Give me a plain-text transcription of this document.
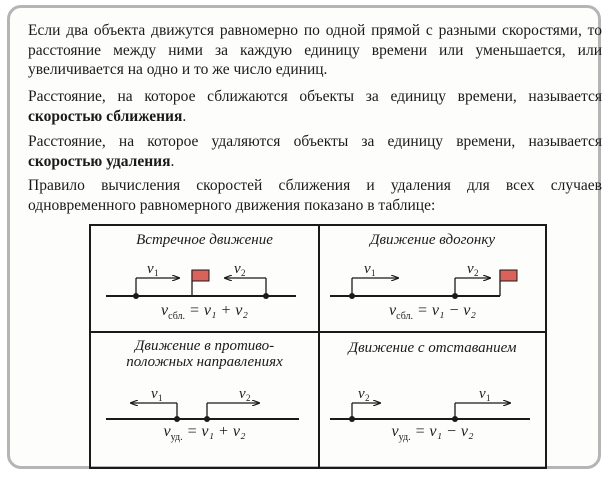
Если два объекта движутся равномерно по одной прямой с разными скоростями, то расстояние между ними за каждую единицу времени или уменьшается, или увеличивается на одно и то же число единиц.
Расстояние, на которое сближаются объекты за единицу времени, называется скоростью сближения.
Расстояние, на которое удаляются объекты за единицу времени, называется скоростью удаления.
Правило вычисления скоростей сближения и удаления для всех случаев одновременного равномерного движения показано в таблице:
Встречное движение
v 1	v 2
$v_{сбл.} = v_1 + v_2$
Движение вдогонку
v 1	v 2
$v_{сбл.} = v_1 - v_2$
Движение в противо-
положных направлениях
v 1	v 2
$v_{уд.} = v_1 + v_2$
Движение с отставанием
v 2	v 1
$v_{уд.} = v_1 - v_2$
